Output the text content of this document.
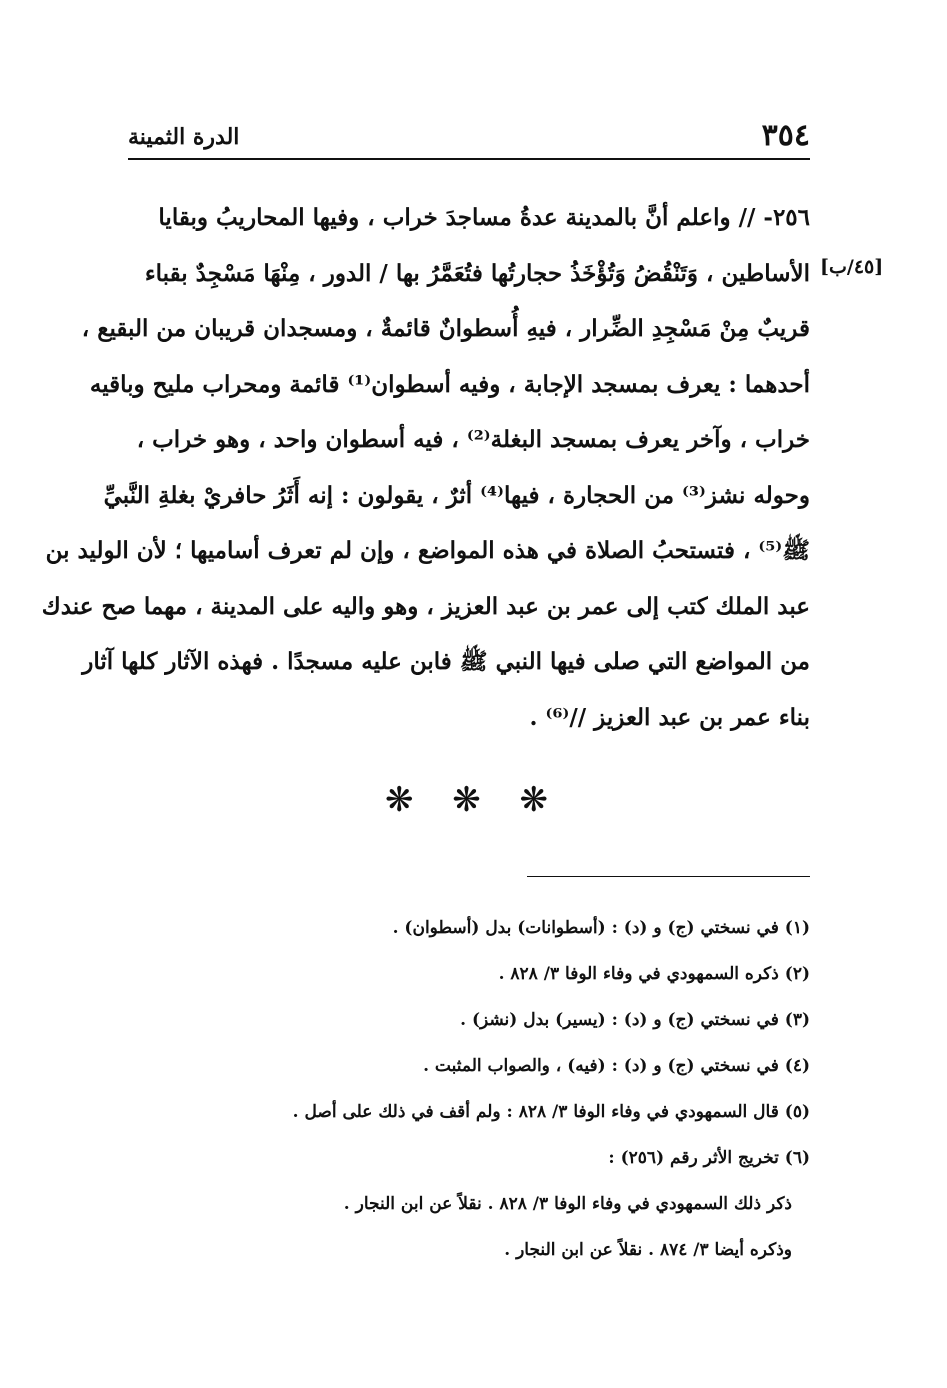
٣٥٤
الدرة الثمينة
[٤٥/ب]
٢٥٦- // واعلم أنَّ بالمدينة عدةُ مساجدَ خراب ، وفيها المحاريبُ وبقايا
الأساطين ، وَتَنْقُضُ وَتُؤْخَذُ حجارتُها فتُعَمَّرُ بها / الدور ، مِنْهَا مَسْجِدٌ بقباء
قريبٌ مِنْ مَسْجِدِ الضِّرار ، فيهِ أُسطوانٌ قائمةٌ ، ومسجدان قريبان من البقيع ،
أحدهما : يعرف بمسجد الإجابة ، وفيه أسطوان⁽¹⁾ قائمة ومحراب مليح وباقيه
خراب ، وآخر يعرف بمسجد البغلة⁽²⁾ ، فيه أسطوان واحد ، وهو خراب ،
وحوله نشز⁽³⁾ من الحجارة ، فيها⁽⁴⁾ أثرٌ ، يقولون : إنه أَثَرُ حافريْ بغلةِ النَّبيِّ
ﷺ⁽⁵⁾ ، فتستحبُ الصلاة في هذه المواضع ، وإن لم تعرف أساميها ؛ لأن الوليد بن
عبد الملك كتب إلى عمر بن عبد العزيز ، وهو واليه على المدينة ، مهما صح عندك
من المواضع التي صلى فيها النبي ﷺ فابن عليه مسجدًا . فهذه الآثار كلها آثار
بناء عمر بن عبد العزيز //⁽⁶⁾ .
❋ ❋ ❋
(١) في نسختي (ج) و (د) : (أسطوانات) بدل (أسطوان) .
(٢) ذكره السمهودي في وفاء الوفا ٣/ ٨٢٨ .
(٣) في نسختي (ج) و (د) : (يسير) بدل (نشز) .
(٤) في نسختي (ج) و (د) : (فيه) ، والصواب المثبت .
(٥) قال السمهودي في وفاء الوفا ٣/ ٨٢٨ : ولم أقف في ذلك على أصل .
(٦) تخريج الأثر رقم (٢٥٦) :
ذكر ذلك السمهودي في وفاء الوفا ٣/ ٨٢٨ . نقلاً عن ابن النجار .
وذكره أيضا ٣/ ٨٧٤ . نقلاً عن ابن النجار .
